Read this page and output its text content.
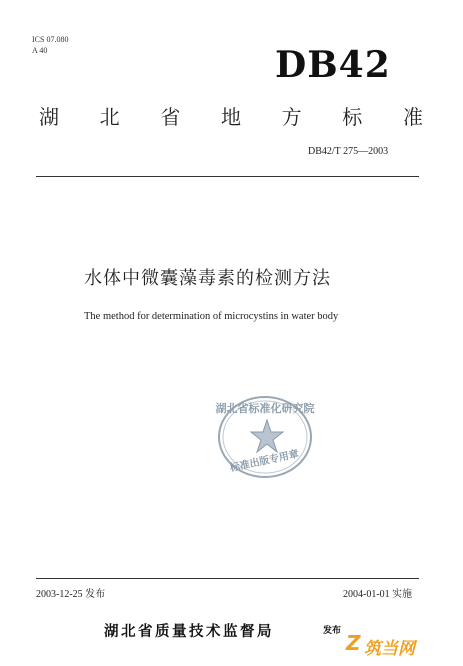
ICS 07.080
A 40	DB42
湖 北 省 地 方 标 准
DB42/T 275—2003
水体中微囊藻毒素的检测方法
The method for determination of microcystins in water body
湖北省标准化研究院
标准出版专用章
2003-12-25 发布	2004-01-01 实施
湖北省质量技术监督局	发布 Z 筑当网
